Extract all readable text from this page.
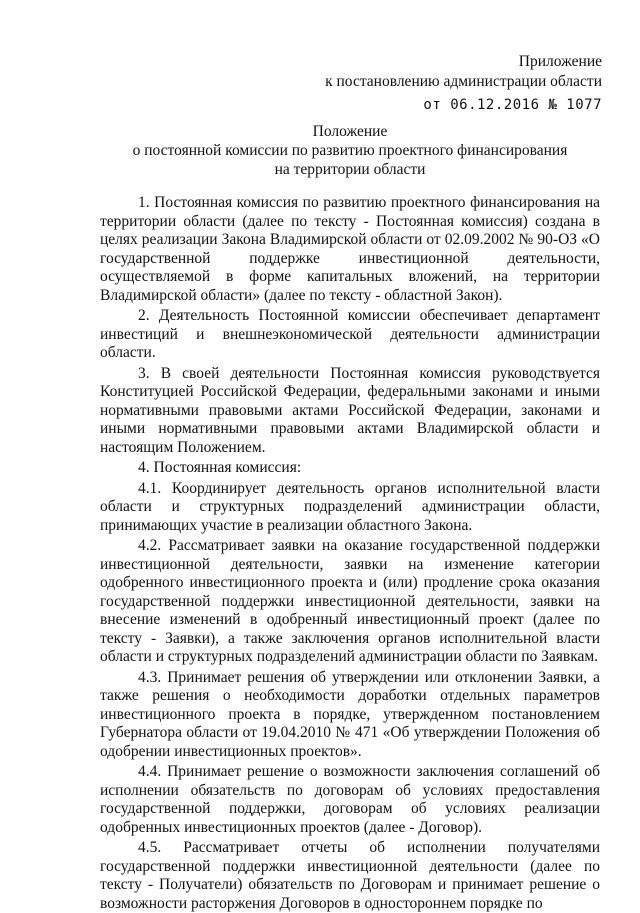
Приложение
к постановлению администрации области
от 06.12.2016 № 1077
Положение
о постоянной комиссии по развитию проектного финансирования
на территории области

1. Постоянная комиссия по развитию проектного финансирования на территории области (далее по тексту - Постоянная комиссия) создана в целях реализации Закона Владимирской области от 02.09.2002 № 90-ОЗ «О государственной поддержке инвестиционной деятельности, осуществляемой в форме капитальных вложений, на территории Владимирской области» (далее по тексту - областной Закон).

2. Деятельность Постоянной комиссии обеспечивает департамент инвестиций и внешнеэкономической деятельности администрации области.

3. В своей деятельности Постоянная комиссия руководствуется Конституцией Российской Федерации, федеральными законами и иными нормативными правовыми актами Российской Федерации, законами и иными нормативными правовыми актами Владимирской области и настоящим Положением.

4. Постоянная комиссия:

4.1. Координирует деятельность органов исполнительной власти области и структурных подразделений администрации области, принимающих участие в реализации областного Закона.

4.2. Рассматривает заявки на оказание государственной поддержки инвестиционной деятельности, заявки на изменение категории одобренного инвестиционного проекта и (или) продление срока оказания государственной поддержки инвестиционной деятельности, заявки на внесение изменений в одобренный инвестиционный проект (далее по тексту - Заявки), а также заключения органов исполнительной власти области и структурных подразделений администрации области по Заявкам.

4.3. Принимает решения об утверждении или отклонении Заявки, а также решения о необходимости доработки отдельных параметров инвестиционного проекта в порядке, утвержденном постановлением Губернатора области от 19.04.2010 № 471 «Об утверждении Положения об одобрении инвестиционных проектов».

4.4. Принимает решение о возможности заключения соглашений об исполнении обязательств по договорам об условиях предоставления государственной поддержки, договорам об условиях реализации одобренных инвестиционных проектов (далее - Договор).

4.5. Рассматривает отчеты об исполнении получателями государственной поддержки инвестиционной деятельности (далее по тексту - Получатели) обязательств по Договорам и принимает решение о возможности расторжения Договоров в одностороннем порядке по
